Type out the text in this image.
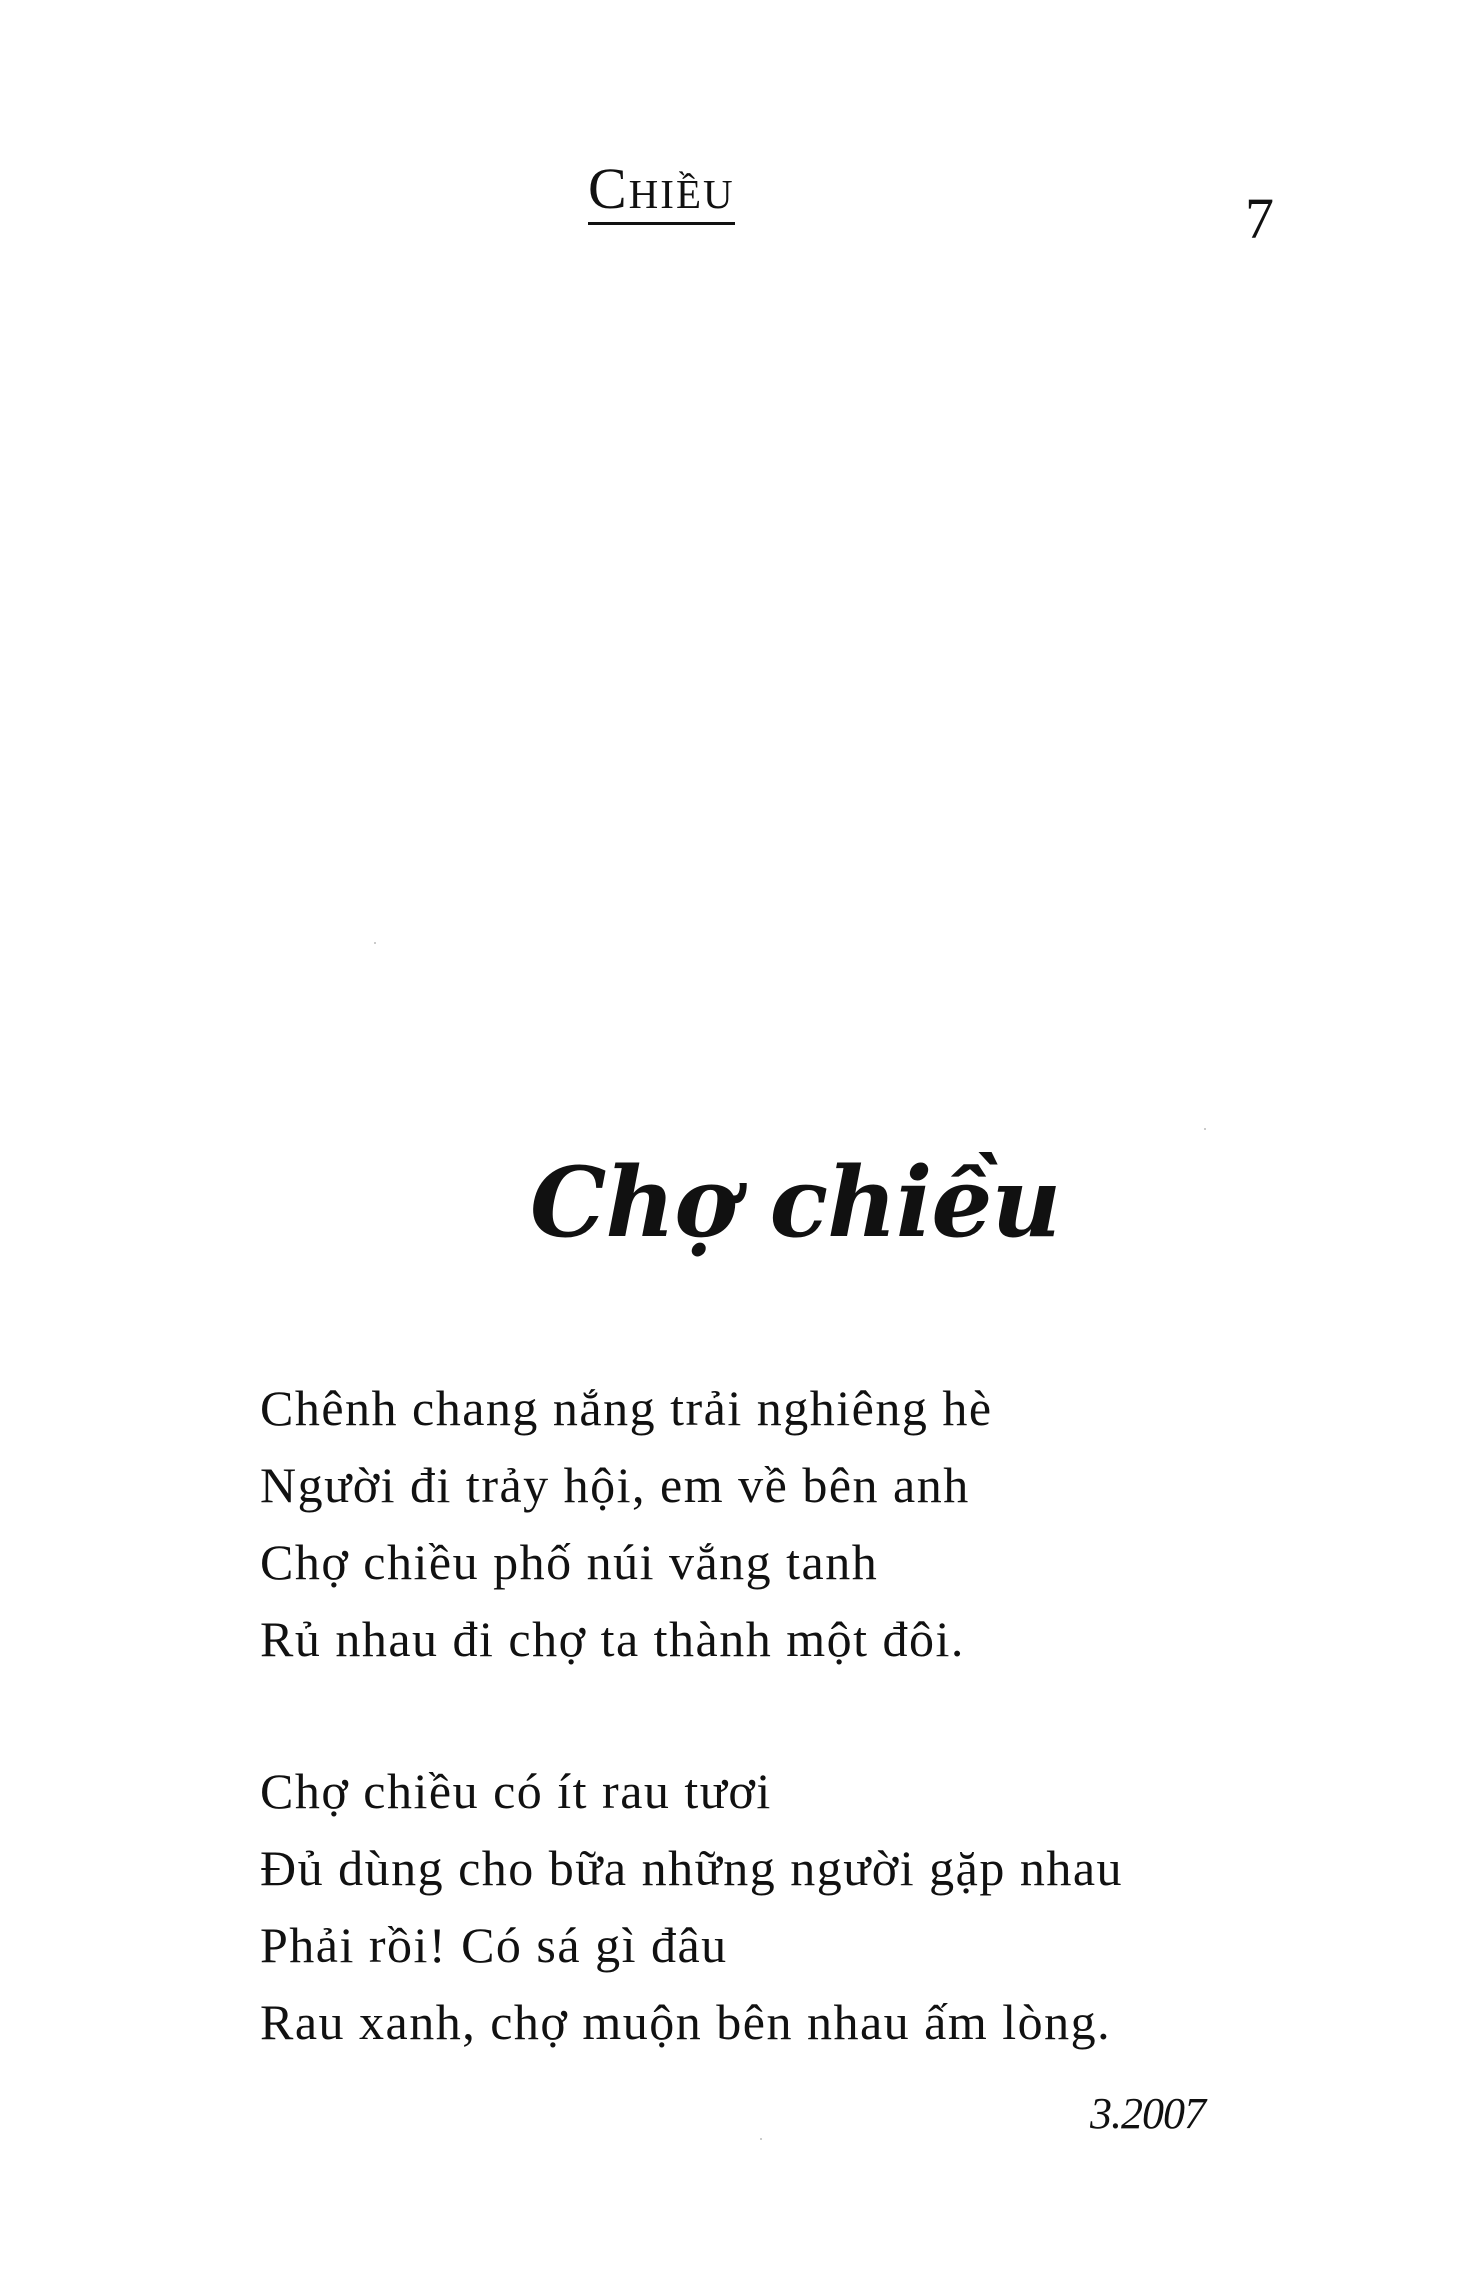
Chiều	7
Chợ chiều
Chênh chang nắng trải nghiêng hè
Người đi trảy hội, em về bên anh
Chợ chiều phố núi vắng tanh
Rủ nhau đi chợ ta thành một đôi.
Chợ chiều có ít rau tươi
Đủ dùng cho bữa những người gặp nhau
Phải rồi! Có sá gì đâu
Rau xanh, chợ muộn bên nhau ấm lòng.
3.2007
